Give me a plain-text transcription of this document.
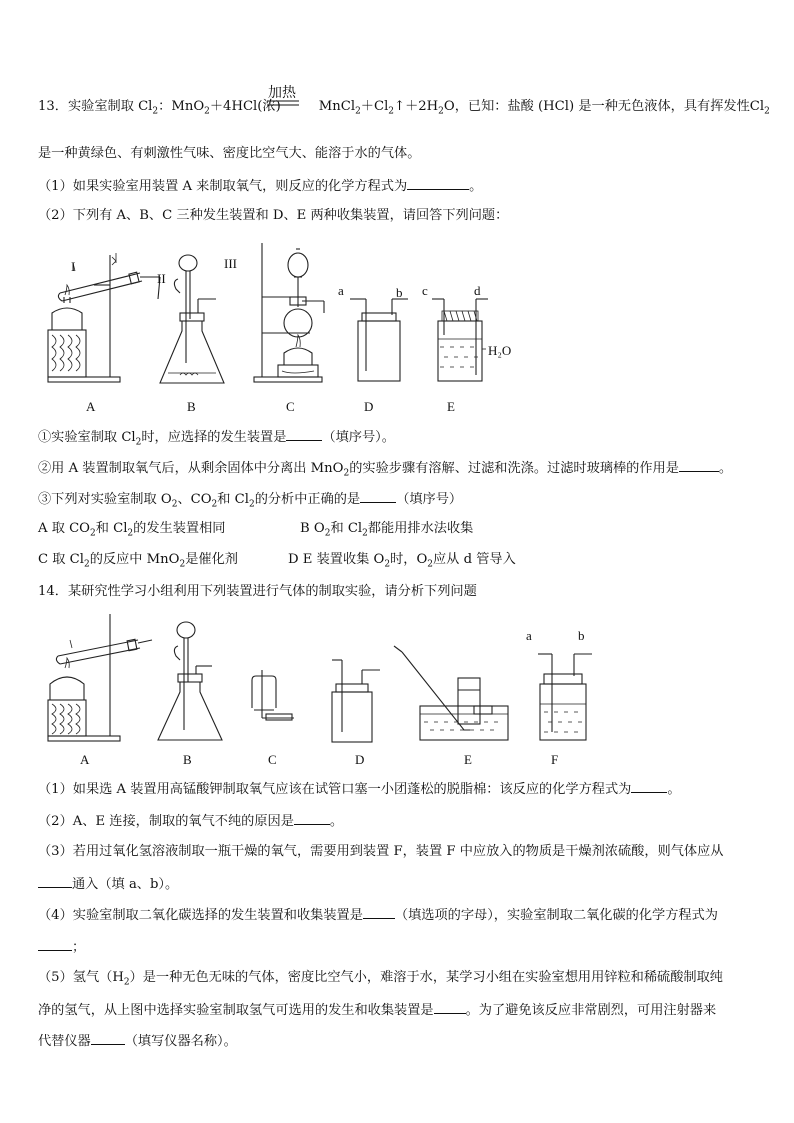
加热
13．实验室制取 $Cl_2$：MnO$_2$＋4HCl(浓)	$MnCl_2+Cl_2↑+2H_2O$，已知：盐酸 (HCl) 是一种无色液体，具有挥发性$Cl_2$
是一种黄绿色、有刺激性气味、密度比空气大、能溶于水的气体。
（1）如果实验室用装置 A 来制取氧气，则反应的化学方程式为	。
（2）下列有 A、B、C 三种发生装置和 D、E 两种收集装置，请回答下列问题：
I
II
III
a	b c	d
H₂O
A	B	C	D	E
①实验室制取 $Cl_2$时，应选择的发生装置是	（填序号）。
②用 A 装置制取氧气后，从剩余固体中分离出 MnO$_2$的实验步骤有溶解、过滤和洗涤。过滤时玻璃棒的作用是	。
③下列对实验室制取 $O_2$、$CO_2$和 $Cl_2$的分析中正确的是	（填序号）
A 取 $CO_2$和 $Cl_2$的发生装置相同	B $O_2$和 $Cl_2$都能用排水法收集
C 取 $Cl_2$的反应中 MnO$_2$是催化剂	D E 装置收集 $O_2$时，$O_2$应从 d 管导入
14．某研究性学习小组利用下列装置进行气体的制取实验，请分析下列问题
a	b
A	B	C	D	E	F
（1）如果选 A 装置用高锰酸钾制取氧气应该在试管口塞一小团蓬松的脱脂棉：该反应的化学方程式为	。
（2）A、E 连接，制取的氧气不纯的原因是	。
（3）若用过氧化氢溶液制取一瓶干燥的氧气，需要用到装置 F，装置 F 中应放入的物质是干燥剂浓硫酸，则气体应从
通入（填 a、b）。
（4）实验室制取二氧化碳选择的发生装置和收集装置是 （填选项的字母），实验室制取二氧化碳的化学方程式为
；
（5）氢气$(H_2)$是一种无色无味的气体，密度比空气小，难溶于水，某学习小组在实验室想用用锌粒和稀硫酸制取纯
净的氢气，从上图中选择实验室制取氢气可选用的发生和收集装置是 。为了避免该反应非常剧烈，可用注射器来
代替仪器	（填写仪器名称）。
